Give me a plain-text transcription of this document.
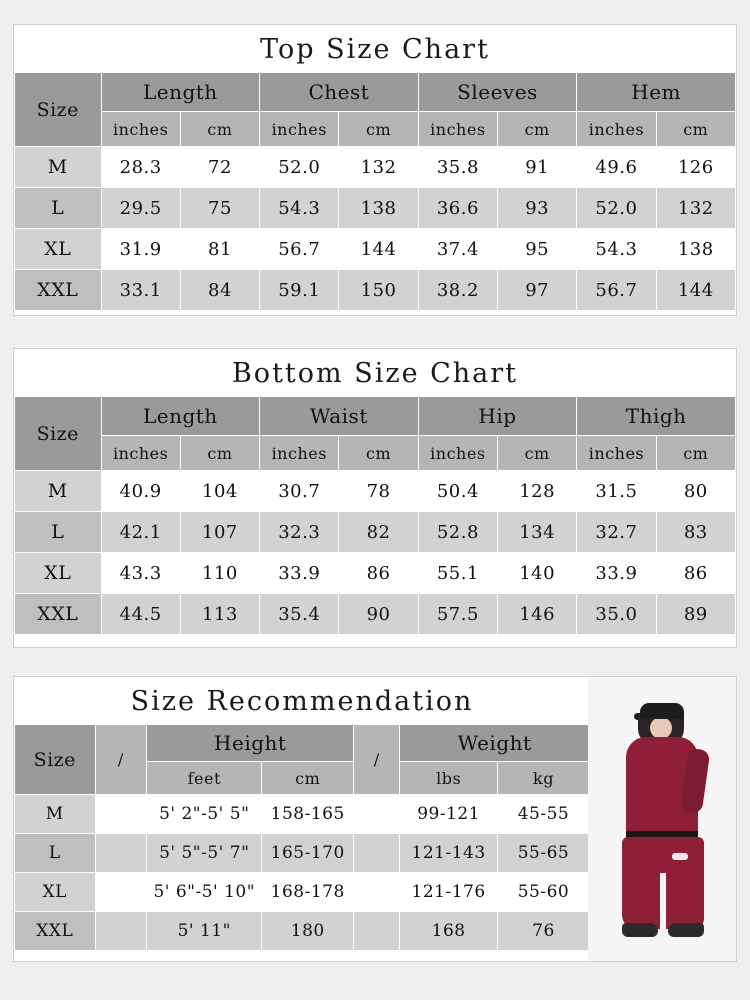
Top Size Chart
Size	Length		Chest		Sleeves		Hem	
	inches	cm	inches	cm	inches	cm	inches	cm
M	28.3	72	52.0	132	35.8	91	49.6	126
L	29.5	75	54.3	138	36.6	93	52.0	132
XL	31.9	81	56.7	144	37.4	95	54.3	138
XXL	33.1	84	59.1	150	38.2	97	56.7	144
Bottom Size Chart
Size	Length		Waist		Hip		Thigh	
	inches	cm	inches	cm	inches	cm	inches	cm
M	40.9	104	30.7	78	50.4	128	31.5	80
L	42.1	107	32.3	82	52.8	134	32.7	83
XL	43.3	110	33.9	86	55.1	140	33.9	86
XXL	44.5	113	35.4	90	57.5	146	35.0	89
Size Recommendation
Size	/	Height		/	Weight	
		feet	cm		lbs	kg
M		5' 2"-5' 5"	158-165		99-121	45-55
L		5' 5"-5' 7"	165-170		121-143	55-65
XL		5' 6"-5' 10"	168-178		121-176	55-60
XXL		5' 11"	180		168	76
